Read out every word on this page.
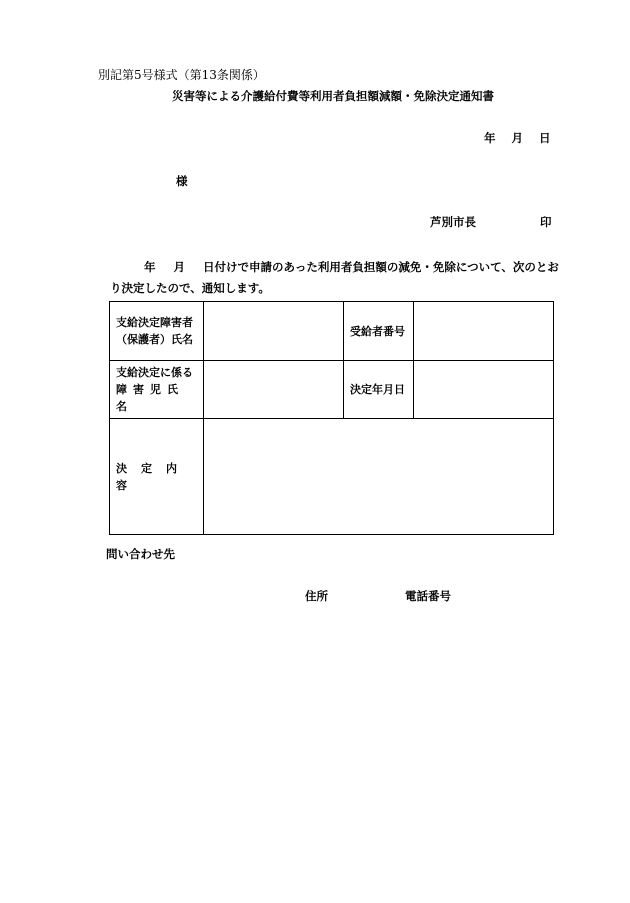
別記第5号様式（第13条関係）
災害等による介護給付費等利用者負担額減額・免除決定通知書
年 月 日
様
芦別市長	印
年 月 日付けで申請のあった利用者負担額の減免・免除について、次のとおり決定したので、通知します。
支給決定障害者（保護者）氏名		受給者番号	

支給決定に係る
障害児氏名		決定年月日	
決定内容			
問い合わせ先
住所	電話番号
